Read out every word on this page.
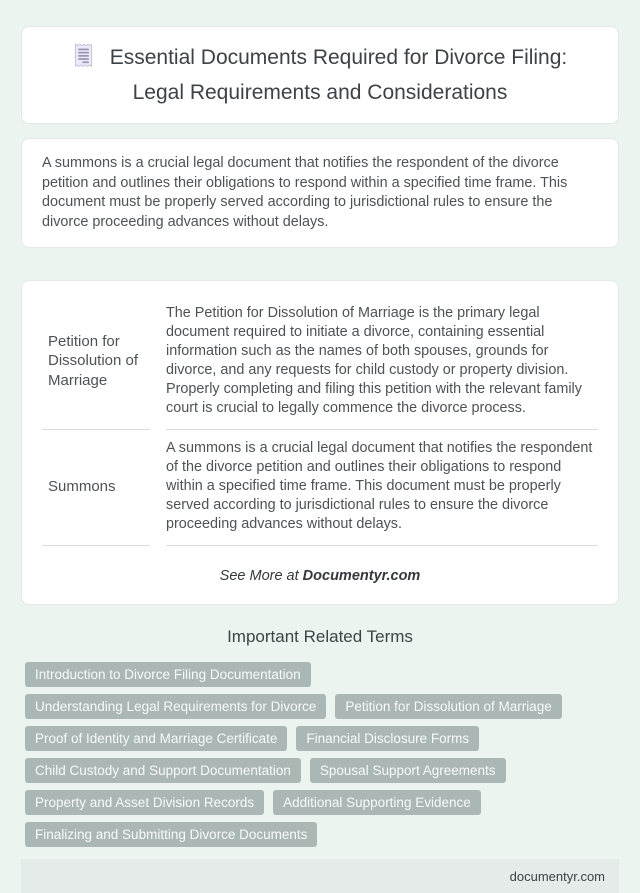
Essential Documents Required for Divorce Filing: Legal Requirements and Considerations

A summons is a crucial legal document that notifies the respondent of the divorce petition and outlines their obligations to respond within a specified time frame. This document must be properly served according to jurisdictional rules to ensure the divorce proceeding advances without delays.

Petition for Dissolution of Marriage
The Petition for Dissolution of Marriage is the primary legal document required to initiate a divorce, containing essential information such as the names of both spouses, grounds for divorce, and any requests for child custody or property division. Properly completing and filing this petition with the relevant family court is crucial to legally commence the divorce process.
Summons
A summons is a crucial legal document that notifies the respondent of the divorce petition and outlines their obligations to respond within a specified time frame. This document must be properly served according to jurisdictional rules to ensure the divorce proceeding advances without delays.
See More at Documentyr.com
Important Related Terms
Introduction to Divorce Filing Documentation
Understanding Legal Requirements for Divorce	Petition for Dissolution of Marriage
Proof of Identity and Marriage Certificate	Financial Disclosure Forms
Child Custody and Support Documentation	Spousal Support Agreements
Property and Asset Division Records	Additional Supporting Evidence
Finalizing and Submitting Divorce Documents
documentyr.com
